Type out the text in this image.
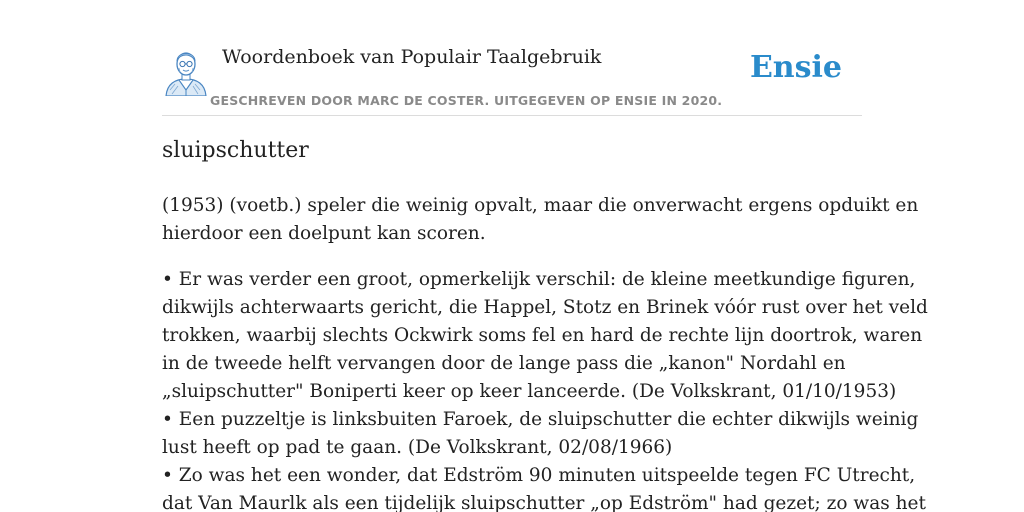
Woordenboek van Populair Taalgebruik
GESCHREVEN DOOR MARC DE COSTER. UITGEGEVEN OP ENSIE IN 2020.
Ensie
sluipschutter

(1953) (voetb.) speler die weinig opvalt, maar die onverwacht ergens opduikt en
hierdoor een doelpunt kan scoren.

• Er was verder een groot, opmerkelijk verschil: de kleine meetkundige figuren,
dikwijls achterwaarts gericht, die Happel, Stotz en Brinek vóór rust over het veld
trokken, waarbij slechts Ockwirk soms fel en hard de rechte lijn doortrok, waren
in de tweede helft vervangen door de lange pass die „kanon" Nordahl en
„sluipschutter" Boniperti keer op keer lanceerde. (De Volkskrant, 01/10/1953)
• Een puzzeltje is linksbuiten Faroek, de sluipschutter die echter dikwijls weinig
lust heeft op pad te gaan. (De Volkskrant, 02/08/1966)
• Zo was het een wonder, dat Edström 90 minuten uitspeelde tegen FC Utrecht,
dat Van Maurlk als een tijdelijk sluipschutter „op Edström" had gezet; zo was het
